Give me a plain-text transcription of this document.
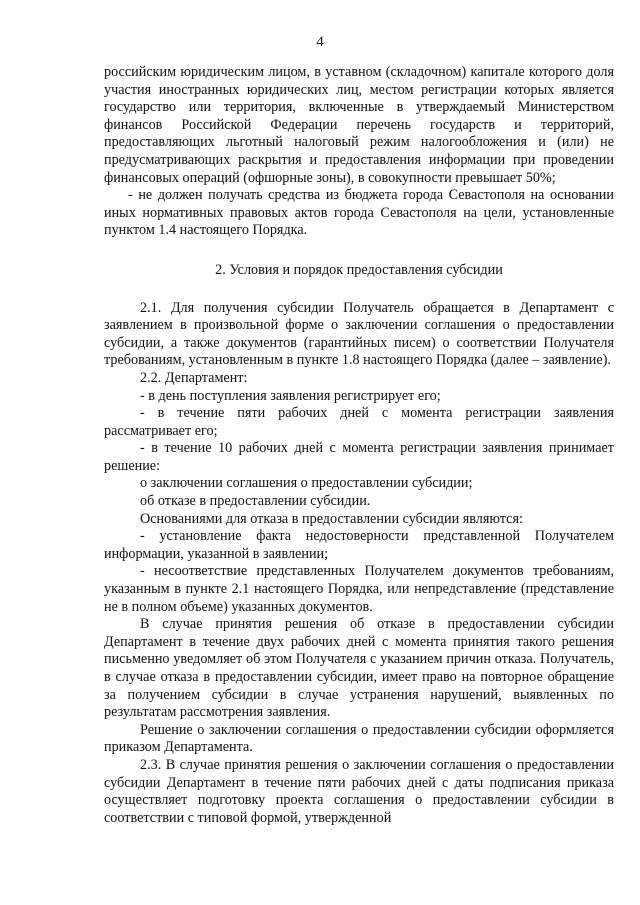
4

российским юридическим лицом, в уставном (складочном) капитале которого доля участия иностранных юридических лиц, местом регистрации которых является государство или территория, включенные в утверждаемый Министерством финансов Российской Федерации перечень государств и территорий, предоставляющих льготный налоговый режим налогообложения и (или) не предусматривающих раскрытия и предоставления информации при проведении финансовых операций (офшорные зоны), в совокупности превышает 50%;

- не должен получать средства из бюджета города Севастополя на основании иных нормативных правовых актов города Севастополя на цели, установленные пунктом 1.4 настоящего Порядка.

2. Условия и порядок предоставления субсидии

2.1. Для получения субсидии Получатель обращается в Департамент с заявлением в произвольной форме о заключении соглашения о предоставлении субсидии, а также документов (гарантийных писем) о соответствии Получателя требованиям, установленным в пункте 1.8 настоящего Порядка (далее – заявление).

2.2. Департамент:

- в день поступления заявления регистрирует его;

- в течение пяти рабочих дней с момента регистрации заявления рассматривает его;

- в течение 10 рабочих дней с момента регистрации заявления принимает решение:

о заключении соглашения о предоставлении субсидии;

об отказе в предоставлении субсидии.

Основаниями для отказа в предоставлении субсидии являются:

- установление факта недостоверности представленной Получателем информации, указанной в заявлении;

- несоответствие представленных Получателем документов требованиям, указанным в пункте 2.1 настоящего Порядка, или непредставление (представление не в полном объеме) указанных документов.

В случае принятия решения об отказе в предоставлении субсидии Департамент в течение двух рабочих дней с момента принятия такого решения письменно уведомляет об этом Получателя с указанием причин отказа. Получатель, в случае отказа в предоставлении субсидии, имеет право на повторное обращение за получением субсидии в случае устранения нарушений, выявленных по результатам рассмотрения заявления.

Решение о заключении соглашения о предоставлении субсидии оформляется приказом Департамента.

2.3. В случае принятия решения о заключении соглашения о предоставлении субсидии Департамент в течение пяти рабочих дней с даты подписания приказа осуществляет подготовку проекта соглашения о предоставлении субсидии в соответствии с типовой формой, утвержденной
